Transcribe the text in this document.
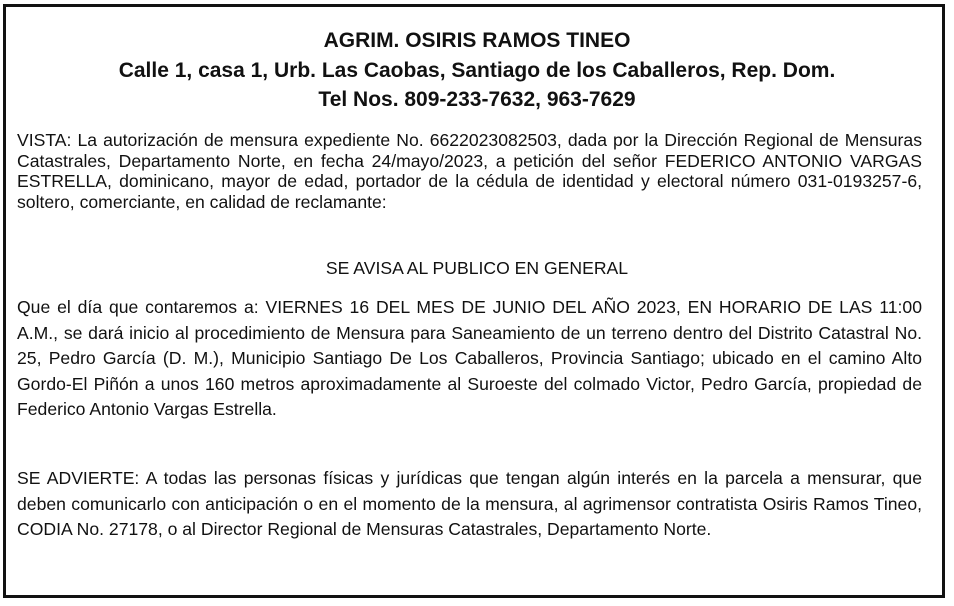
AGRIM. OSIRIS RAMOS TINEO
Calle 1, casa 1, Urb. Las Caobas, Santiago de los Caballeros, Rep. Dom.
Tel Nos. 809-233-7632, 963-7629

VISTA: La autorización de mensura expediente No. 6622023082503, dada por la Dirección Regional de Mensuras Catastrales, Departamento Norte, en fecha 24/mayo/2023, a petición del señor FEDERICO ANTONIO VARGAS ESTRELLA, dominicano, mayor de edad, portador de la cédula de identidad y electoral número 031-0193257-6, soltero, comerciante, en calidad de reclamante:

SE AVISA AL PUBLICO EN GENERAL

Que el día que contaremos a: VIERNES 16 DEL MES DE JUNIO DEL AÑO 2023, EN HORARIO DE LAS 11:00 A.M., se dará inicio al procedimiento de Mensura para Saneamiento de un terreno dentro del Distrito Catastral No. 25, Pedro García (D. M.), Municipio Santiago De Los Caballeros, Provincia Santiago; ubicado en el camino Alto Gordo-El Piñón a unos 160 metros aproximadamente al Suroeste del colmado Victor, Pedro García, propiedad de Federico Antonio Vargas Estrella.

SE ADVIERTE: A todas las personas físicas y jurídicas que tengan algún interés en la parcela a mensurar, que deben comunicarlo con anticipación o en el momento de la mensura, al agrimensor contratista Osiris Ramos Tineo, CODIA No. 27178, o al Director Regional de Mensuras Catastrales, Departamento Norte.
